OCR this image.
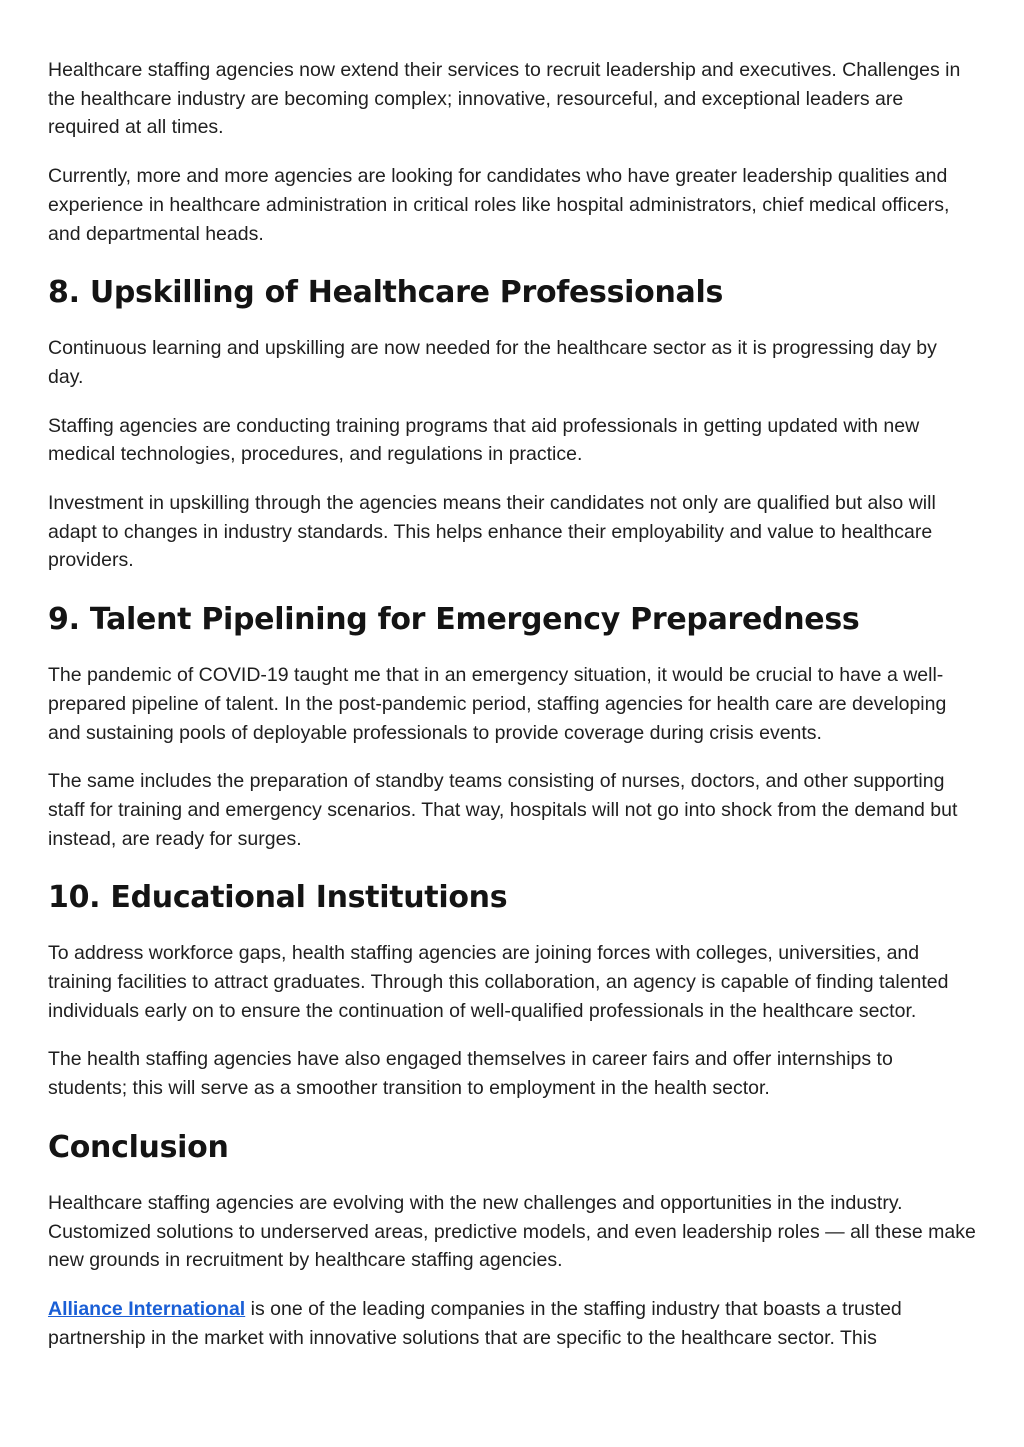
Healthcare staffing agencies now extend their services to recruit leadership and executives. Challenges in the healthcare industry are becoming complex; innovative, resourceful, and exceptional leaders are required at all times.

Currently, more and more agencies are looking for candidates who have greater leadership qualities and experience in healthcare administration in critical roles like hospital administrators, chief medical officers, and departmental heads.

8. Upskilling of Healthcare Professionals

Continuous learning and upskilling are now needed for the healthcare sector as it is progressing day by day.

Staffing agencies are conducting training programs that aid professionals in getting updated with new medical technologies, procedures, and regulations in practice.

Investment in upskilling through the agencies means their candidates not only are qualified but also will adapt to changes in industry standards. This helps enhance their employability and value to healthcare providers.

9. Talent Pipelining for Emergency Preparedness

The pandemic of COVID-19 taught me that in an emergency situation, it would be crucial to have a well-prepared pipeline of talent. In the post-pandemic period, staffing agencies for health care are developing and sustaining pools of deployable professionals to provide coverage during crisis events.

The same includes the preparation of standby teams consisting of nurses, doctors, and other supporting staff for training and emergency scenarios. That way, hospitals will not go into shock from the demand but instead, are ready for surges.

10. Educational Institutions

To address workforce gaps, health staffing agencies are joining forces with colleges, universities, and training facilities to attract graduates. Through this collaboration, an agency is capable of finding talented individuals early on to ensure the continuation of well-qualified professionals in the healthcare sector.

The health staffing agencies have also engaged themselves in career fairs and offer internships to students; this will serve as a smoother transition to employment in the health sector.

Conclusion

Healthcare staffing agencies are evolving with the new challenges and opportunities in the industry. Customized solutions to underserved areas, predictive models, and even leadership roles — all these make new grounds in recruitment by healthcare staffing agencies.

Alliance International is one of the leading companies in the staffing industry that boasts a trusted partnership in the market with innovative solutions that are specific to the healthcare sector. This
